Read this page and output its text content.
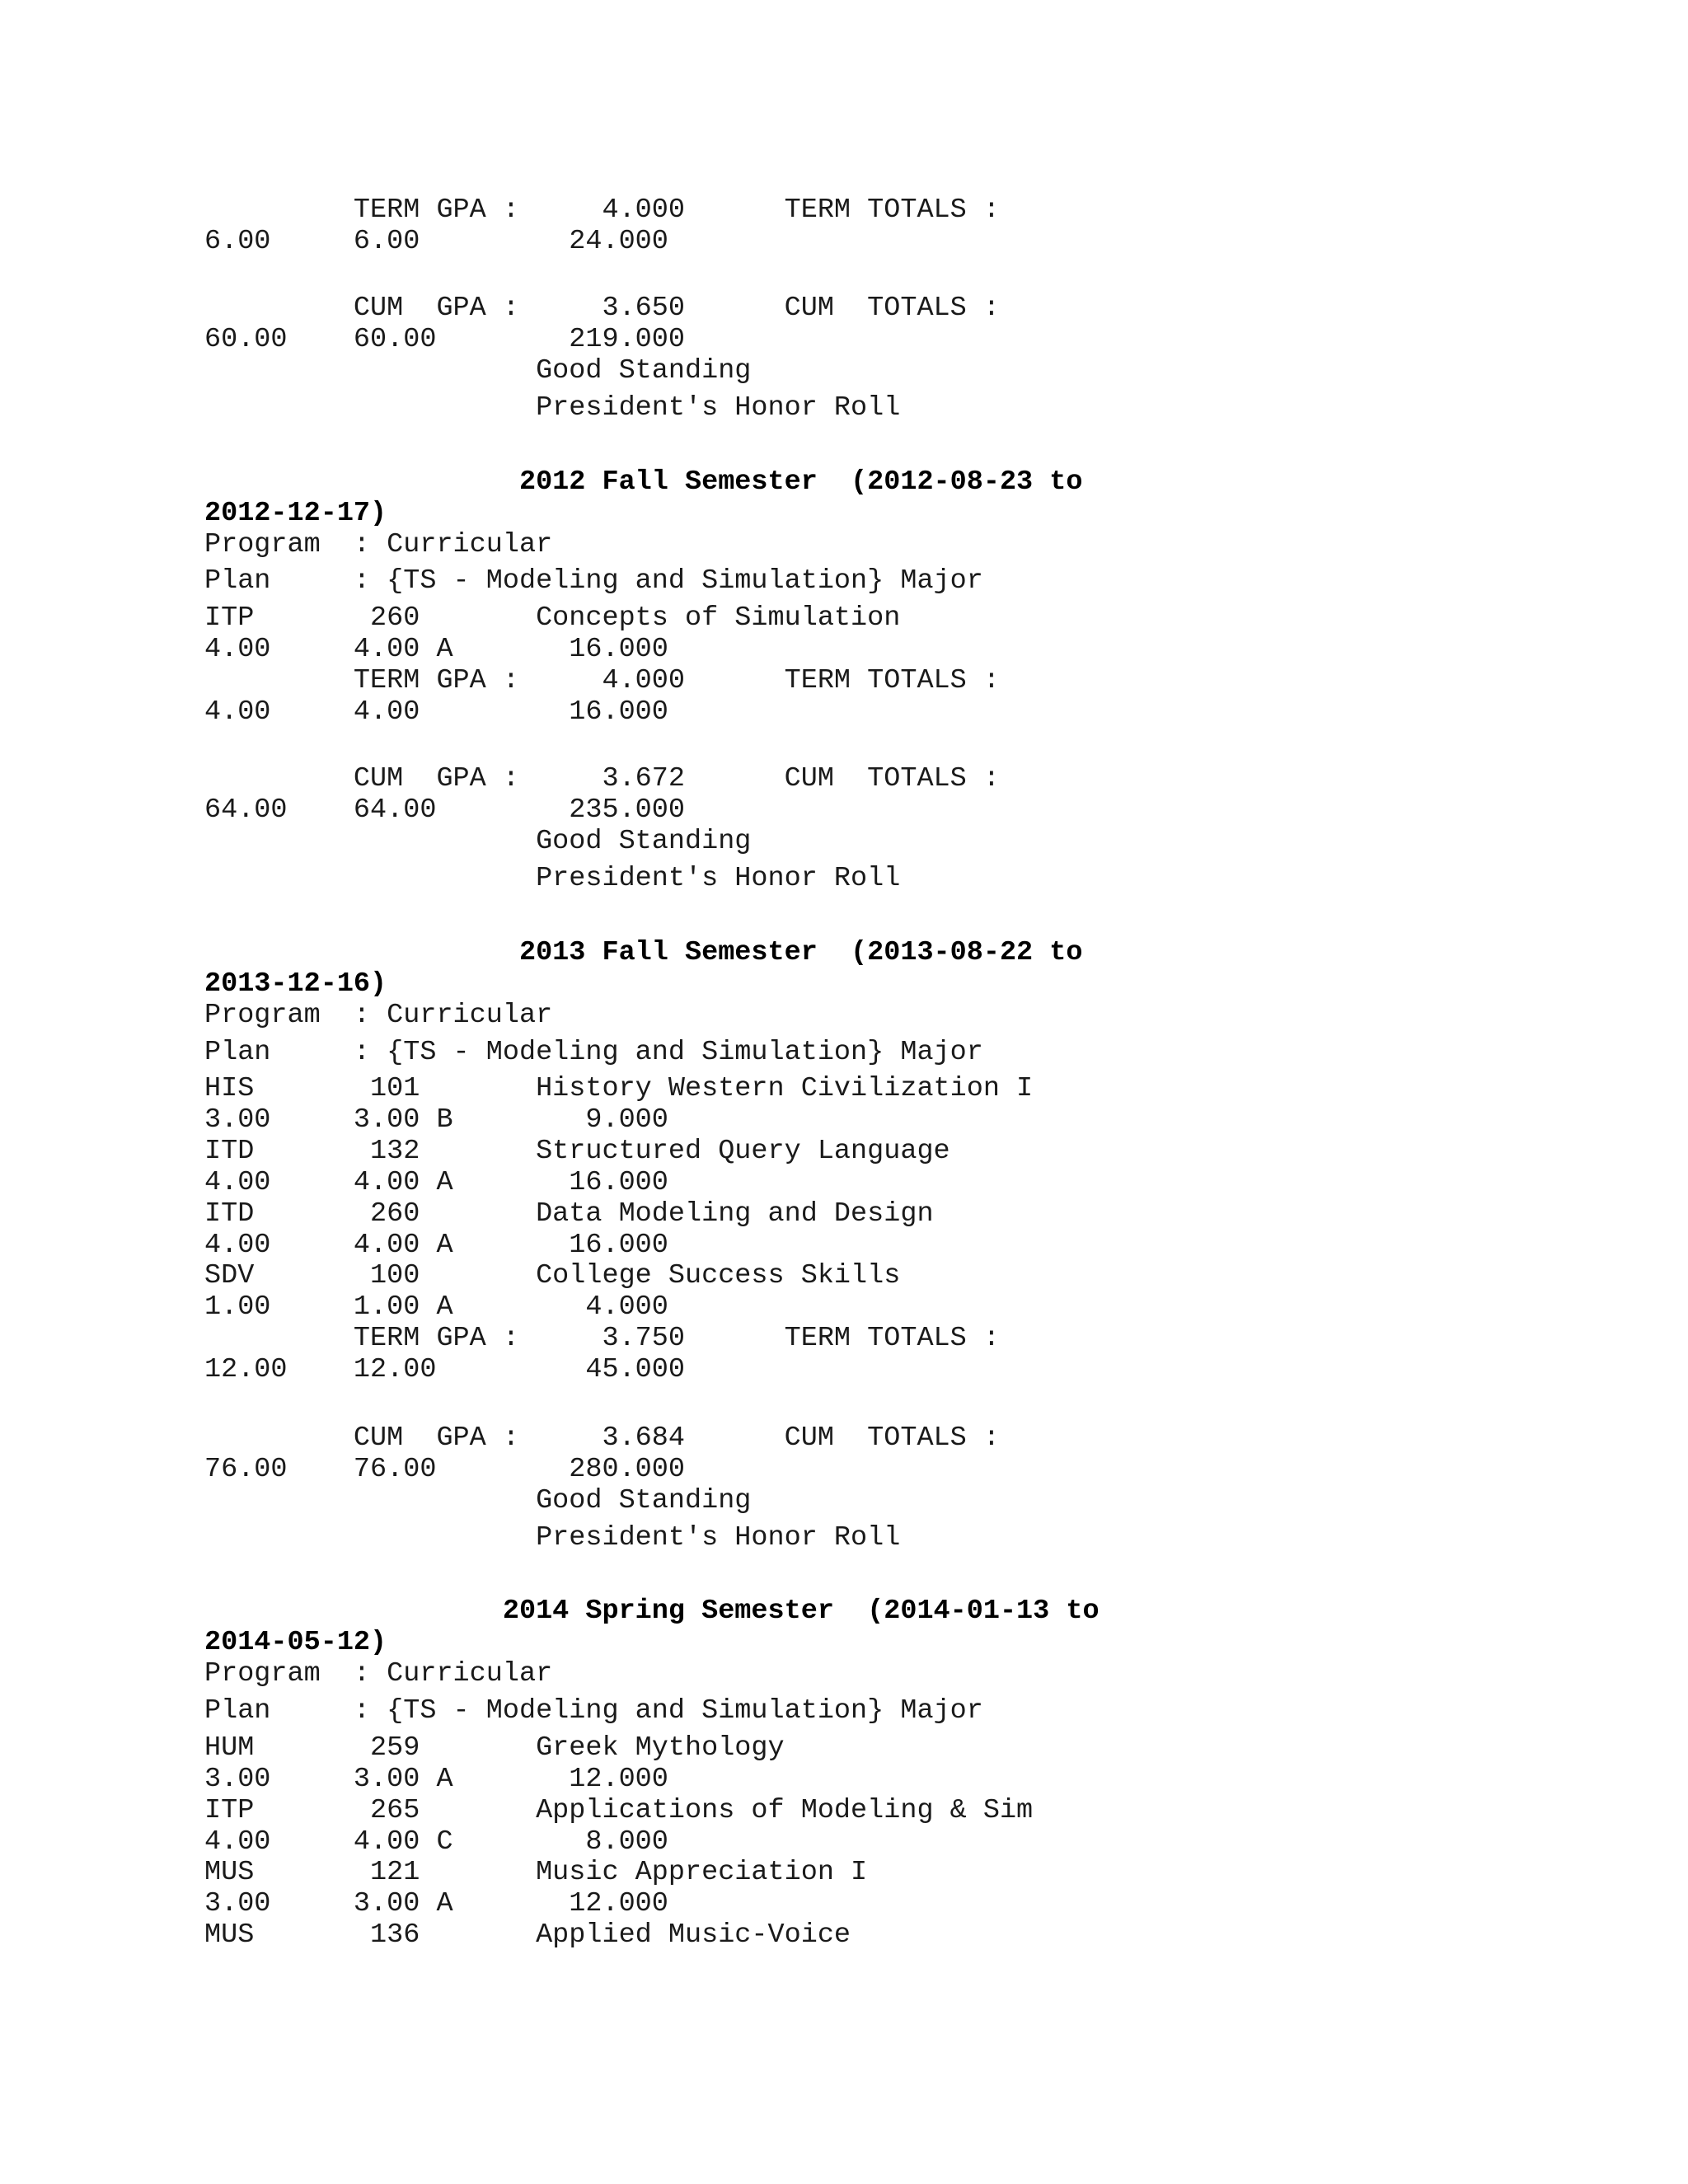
TERM GPA :     4.000      TERM TOTALS :
6.00     6.00         24.000
CUM  GPA :     3.650      CUM  TOTALS :
60.00    60.00        219.000
Good Standing
President's Honor Roll
2012 Fall Semester  (2012-08-23 to
2012-12-17)
Program  : Curricular
Plan     : {TS - Modeling and Simulation} Major
ITP       260       Concepts of Simulation
4.00     4.00 A       16.000
TERM GPA :     4.000      TERM TOTALS :
4.00     4.00         16.000
CUM  GPA :     3.672      CUM  TOTALS :
64.00    64.00        235.000
Good Standing
President's Honor Roll
2013 Fall Semester  (2013-08-22 to
2013-12-16)
Program  : Curricular
Plan     : {TS - Modeling and Simulation} Major
HIS       101       History Western Civilization I
3.00     3.00 B        9.000
ITD       132       Structured Query Language
4.00     4.00 A       16.000
ITD       260       Data Modeling and Design
4.00     4.00 A       16.000
SDV       100       College Success Skills
1.00     1.00 A        4.000
TERM GPA :     3.750      TERM TOTALS :
12.00    12.00         45.000
CUM  GPA :     3.684      CUM  TOTALS :
76.00    76.00        280.000
Good Standing
President's Honor Roll
2014 Spring Semester  (2014-01-13 to
2014-05-12)
Program  : Curricular
Plan     : {TS - Modeling and Simulation} Major
HUM       259       Greek Mythology
3.00     3.00 A       12.000
ITP       265       Applications of Modeling & Sim
4.00     4.00 C        8.000
MUS       121       Music Appreciation I
3.00     3.00 A       12.000
MUS       136       Applied Music-Voice
